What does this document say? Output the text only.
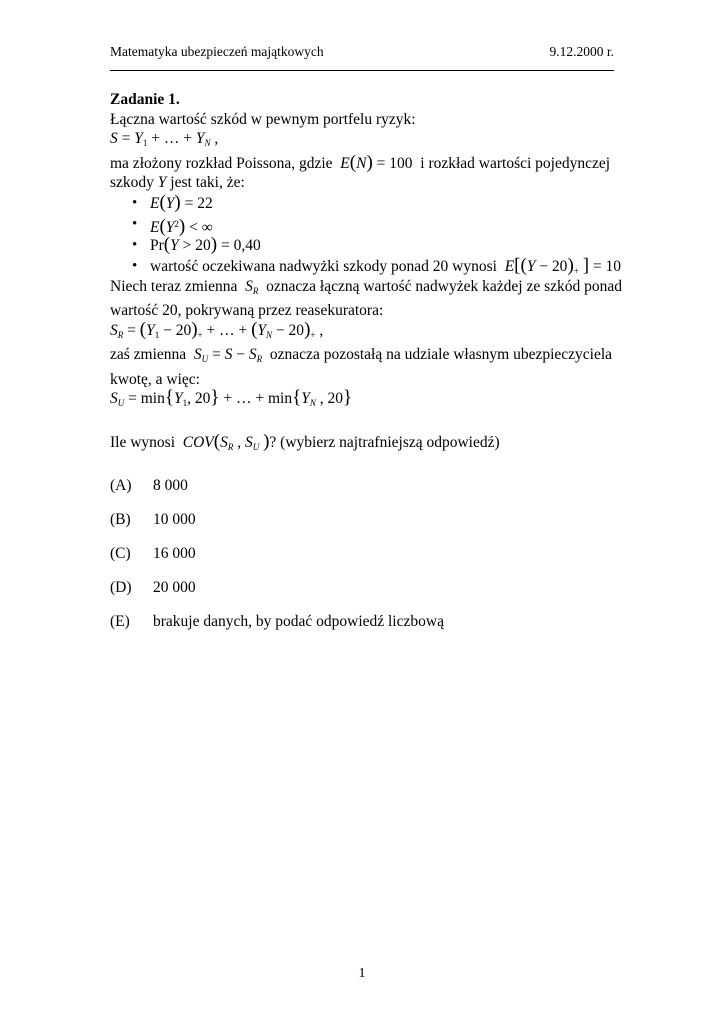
Matematyka ubezpieczeń majątkowych	9.12.2000 r.
Zadanie 1.
Łączna wartość szkód w pewnym portfelu ryzyk:
$S = Y_1$ + … + $Y_N$ ,
ma złożony rozkład Poissona, gdzie E(N) = 100 i rozkład wartości pojedynczej
szkody Y jest taki, że:
• E(Y) = 22
• $E(Y^2)$ < ∞
• Pr(Y > 20) = 0,40
• wartość oczekiwana nadwyżki szkody ponad 20 wynosi  $E[(Y - 20)_+$ ] = 10
Niech teraz zmienna $S_R$ oznacza łączną wartość nadwyżek każdej ze szkód ponad
wartość 20, pokrywaną przez reasekuratora:
$S_R = (Y_1 - 20)_+$ + … + $(Y_N - 20)_+$ ,
zaś zmienna $S_U = S - S_R$ oznacza pozostałą na udziale własnym ubezpieczyciela
kwotę, a więc:
$S_U = \min\{Y_1$, 20} + … + $\min\{Y_N$ , 20}
Ile wynosi $COV(S_R$ , $S_U$ )? (wybierz najtrafniejszą odpowiedź)
(A) 8 000
(B) 10 000
(C) 16 000
(D) 20 000
(E) brakuje danych, by podać odpowiedź liczbową
1
